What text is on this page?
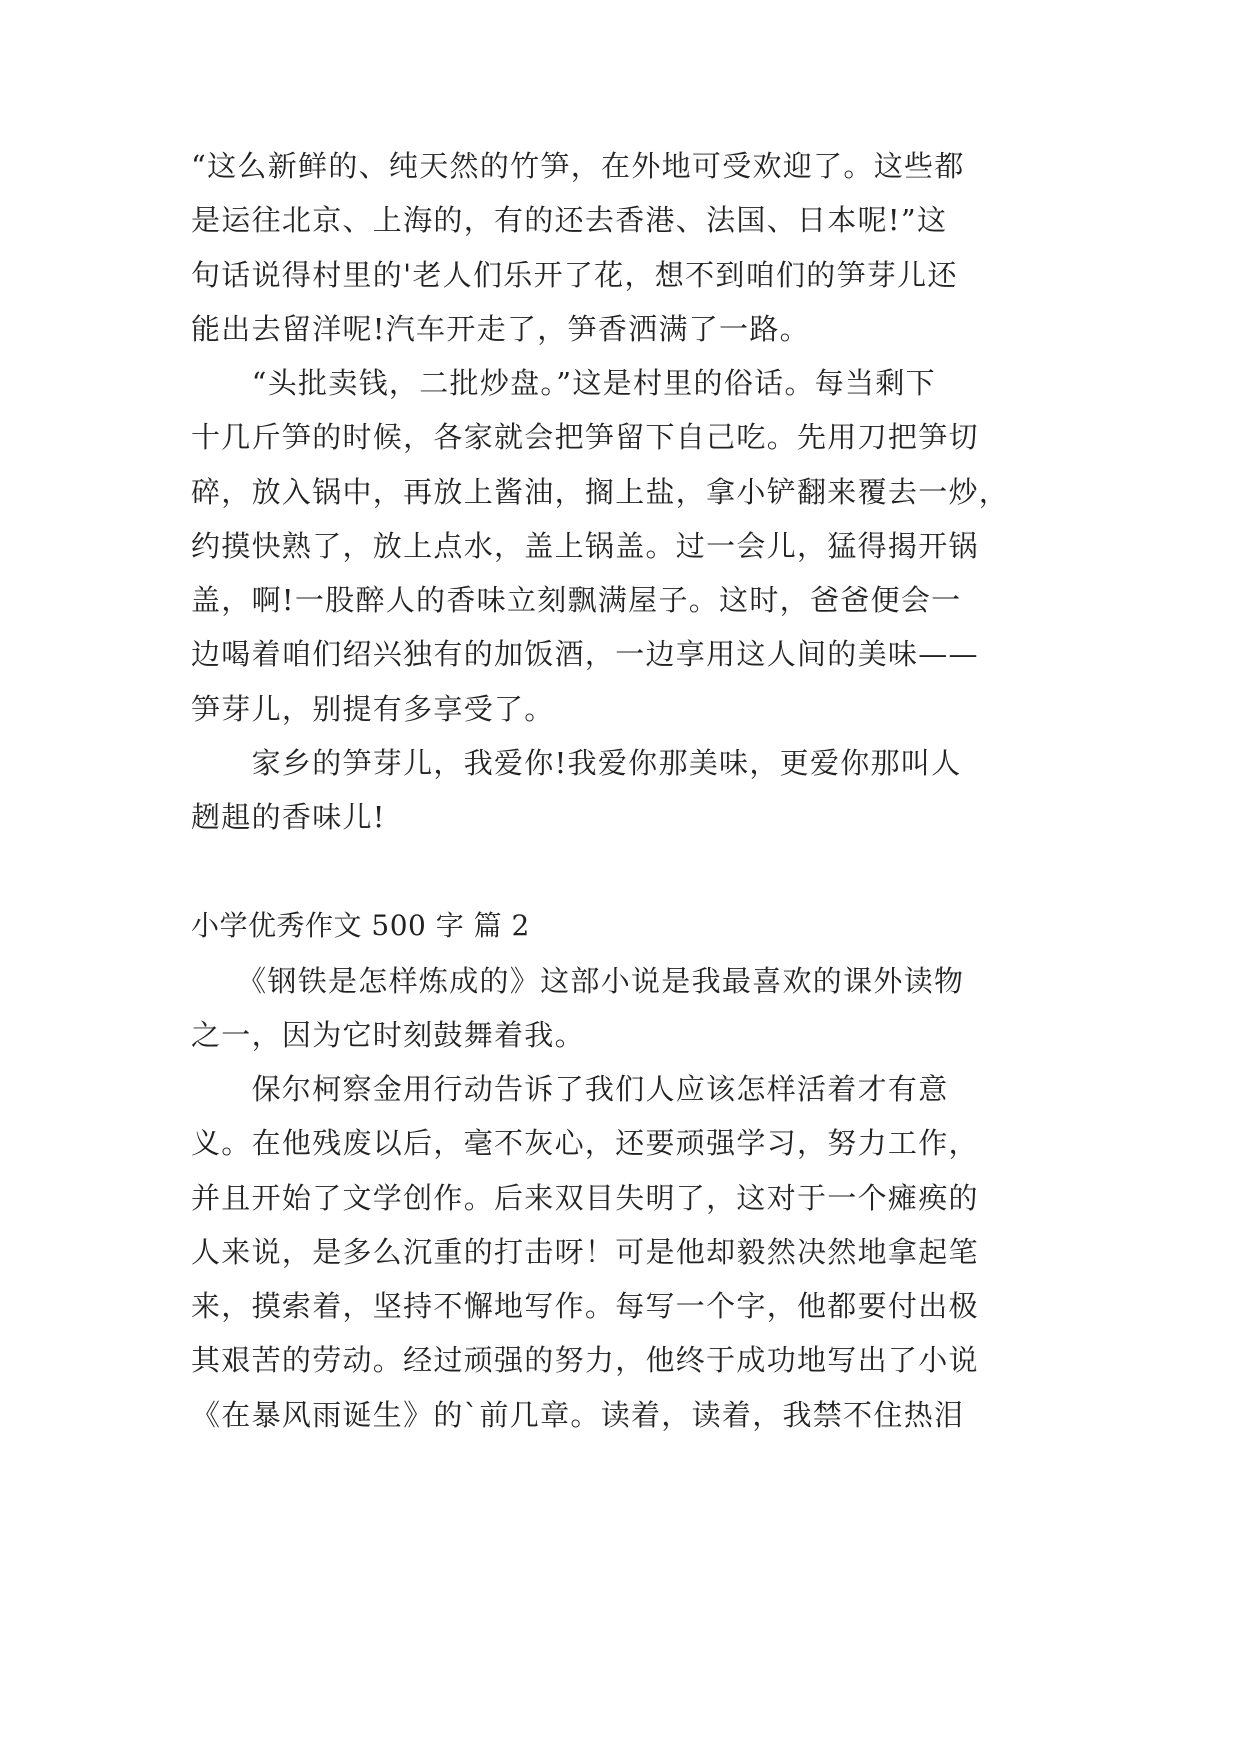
“这么新鲜的、纯天然的竹笋，在外地可受欢迎了。这些都
是运往北京、上海的，有的还去香港、法国、日本呢!”这
句话说得村里的'老人们乐开了花，想不到咱们的笋芽儿还
能出去留洋呢!汽车开走了，笋香洒满了一路。
　　“头批卖钱，二批炒盘。”这是村里的俗话。每当剩下
十几斤笋的时候，各家就会把笋留下自己吃。先用刀把笋切
碎，放入锅中，再放上酱油，搁上盐，拿小铲翻来覆去一炒，
约摸快熟了，放上点水，盖上锅盖。过一会儿，猛得揭开锅
盖，啊!一股醉人的香味立刻飘满屋子。这时，爸爸便会一
边喝着咱们绍兴独有的加饭酒，一边享用这人间的美味——
笋芽儿，别提有多享受了。
　　家乡的笋芽儿，我爱你!我爱你那美味，更爱你那叫人
趔趄的香味儿!
小学优秀作文 500 字 篇 2
　　《钢铁是怎样炼成的》这部小说是我最喜欢的课外读物
之一，因为它时刻鼓舞着我。
　　保尔柯察金用行动告诉了我们人应该怎样活着才有意
义。在他残废以后，毫不灰心，还要顽强学习，努力工作，
并且开始了文学创作。后来双目失明了，这对于一个瘫痪的
人来说，是多么沉重的打击呀！可是他却毅然决然地拿起笔
来，摸索着，坚持不懈地写作。每写一个字，他都要付出极
其艰苦的劳动。经过顽强的努力，他终于成功地写出了小说
《在暴风雨诞生》的`前几章。读着，读着，我禁不住热泪
